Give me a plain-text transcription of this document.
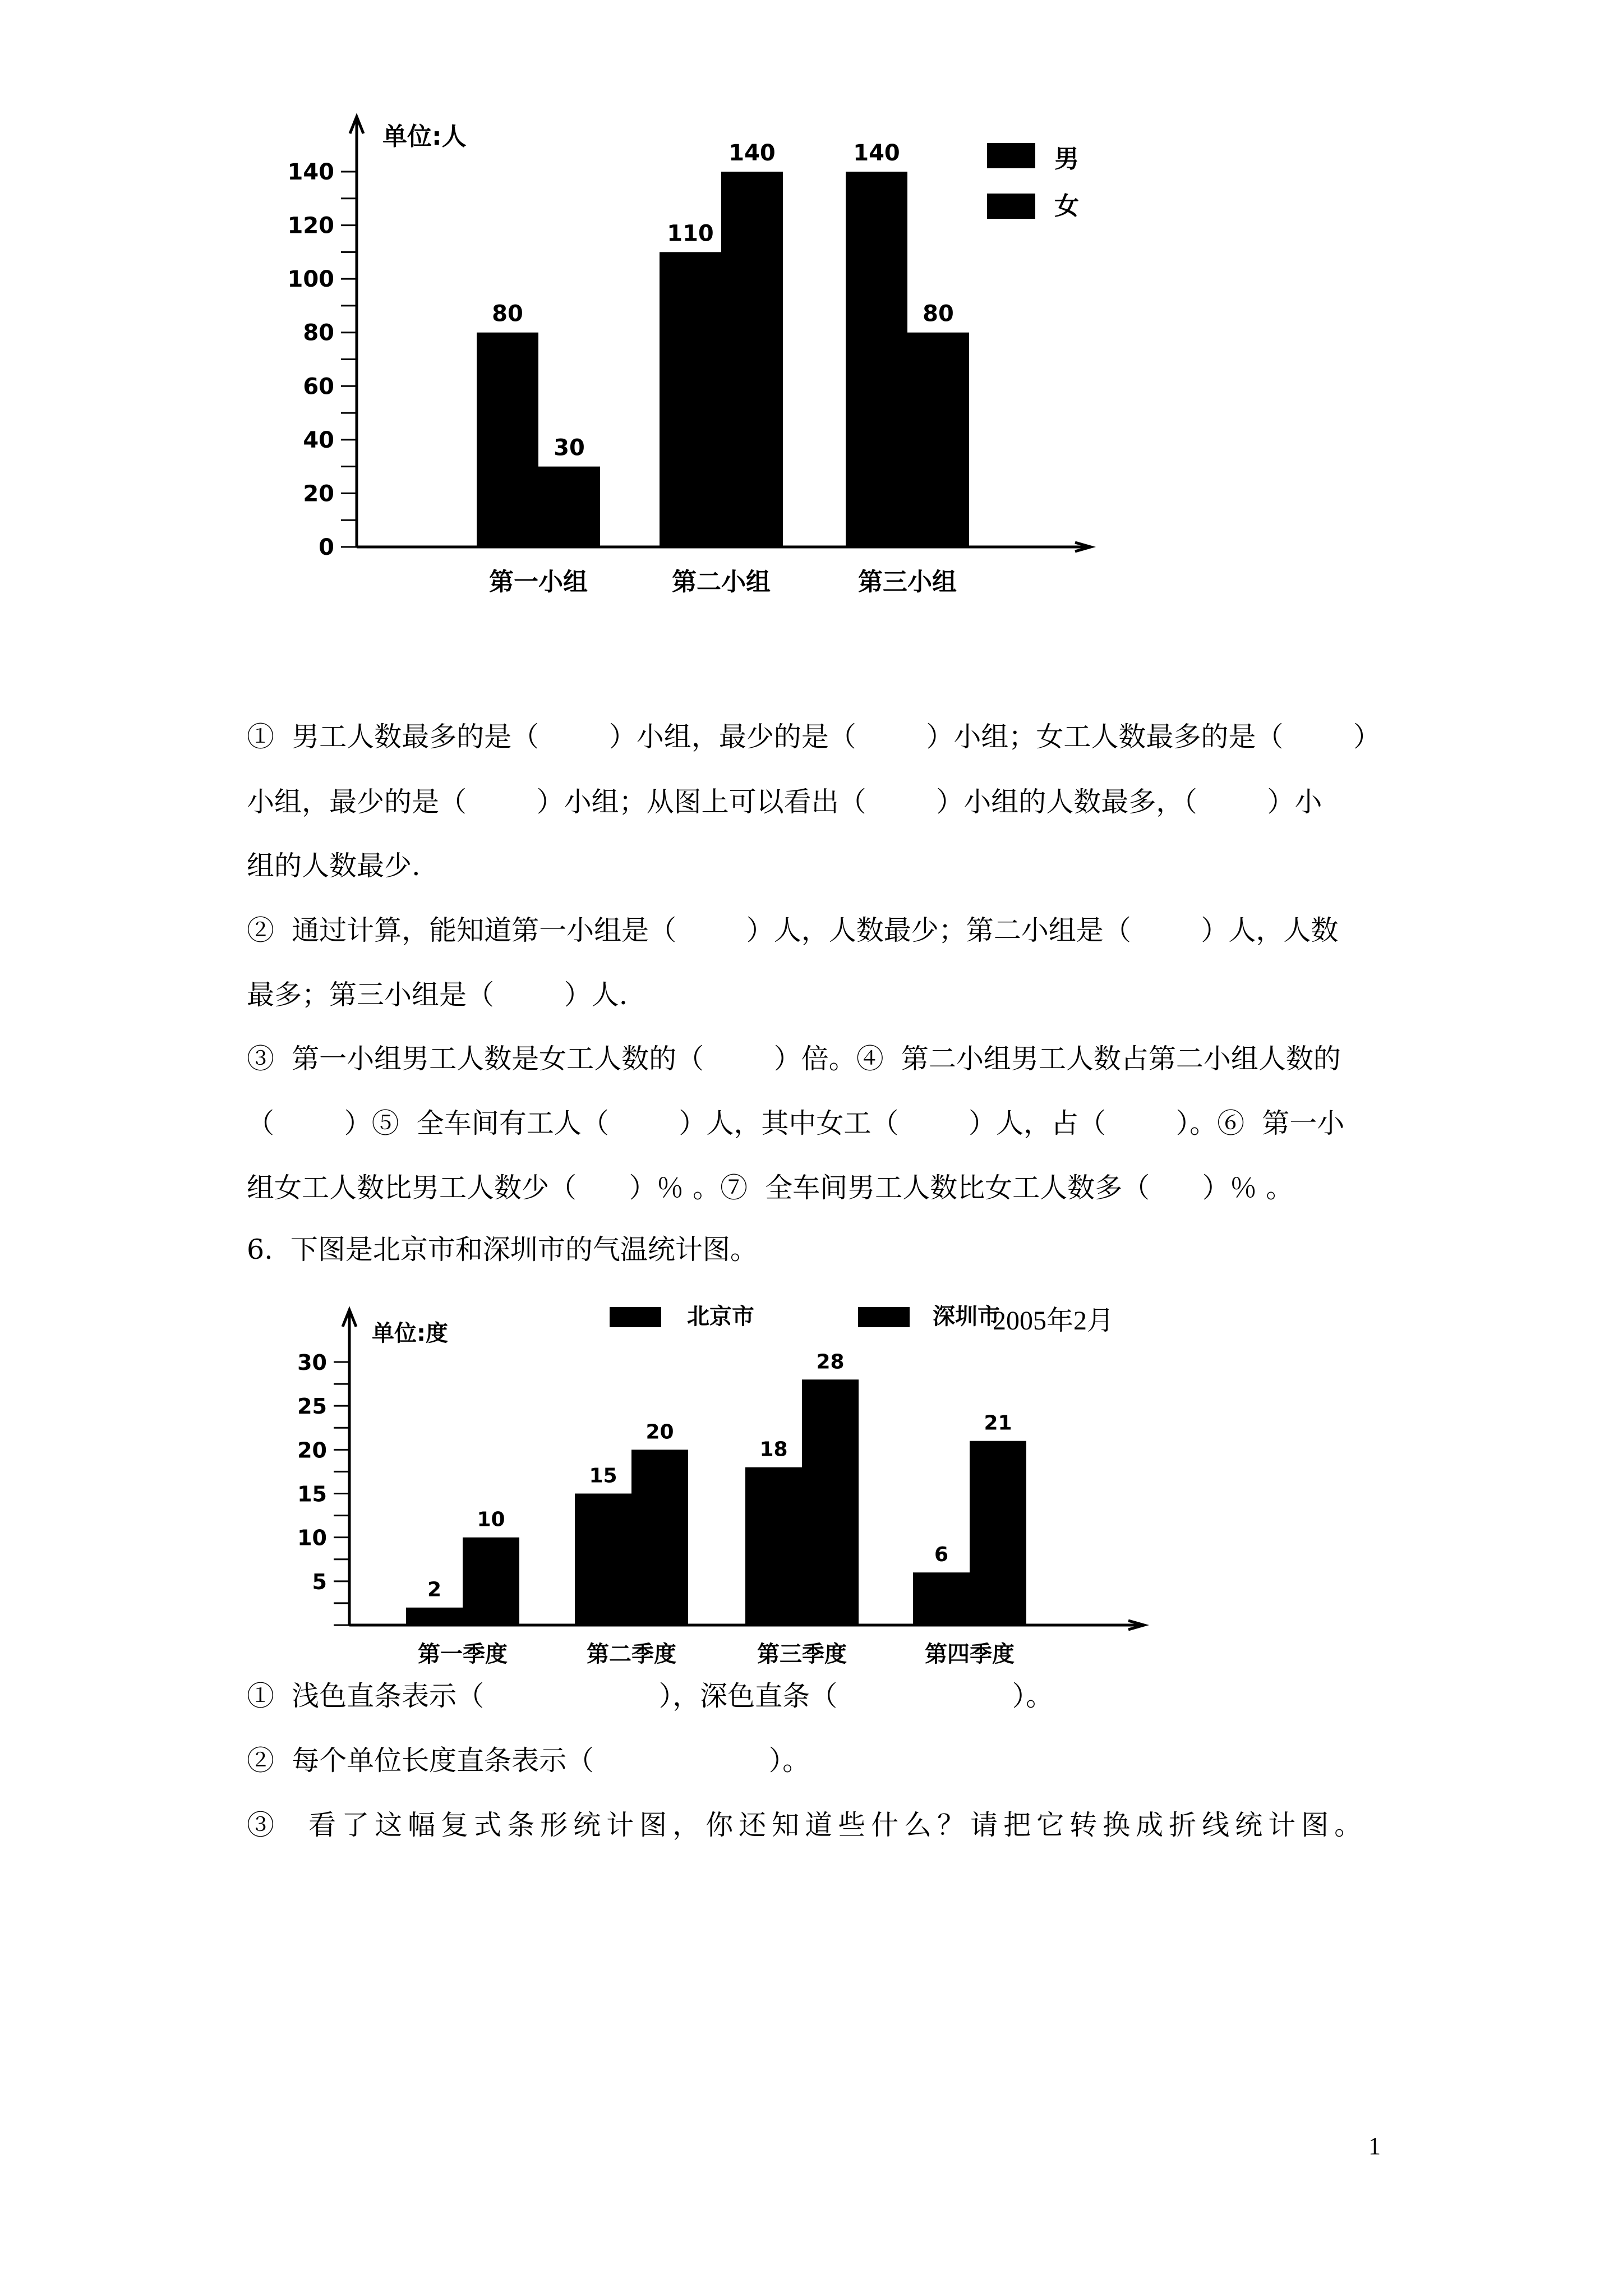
0
20
40
60
80
100
120
140
单位:人
80
30
第一小组
110
140
第二小组
140
80
第三小组
男
女
5
10
15
20
25
30
单位:度
2
10
第一季度
15
20
第二季度
18
28
第三季度
6
21
第四季度
北京市	深圳市
2005年2月
①  男工人数最多的是（        ）小组，最少的是（        ）小组；女工人数最多的是（        ）
小组，最少的是（        ）小组；从图上可以看出（        ）小组的人数最多，（        ）小
组的人数最少.
②  通过计算，能知道第一小组是（        ）人，人数最少；第二小组是（        ）人，人数
最多；第三小组是（        ）人.
③  第一小组男工人数是女工人数的（        ）倍。④  第二小组男工人数占第二小组人数的
（        ）⑤  全车间有工人（        ）人，其中女工（        ）人，占（        ）。⑥  第一小
组女工人数比男工人数少（      ）％ 。⑦  全车间男工人数比女工人数多（      ）％ 。
6.  下图是北京市和深圳市的气温统计图。
①  浅色直条表示（                    ），深色直条（                    ）。
②  每个单位长度直条表示（                    ）。
③  看了这幅复式条形统计图，你还知道些什么？请把它转换成折线统计图。
1
